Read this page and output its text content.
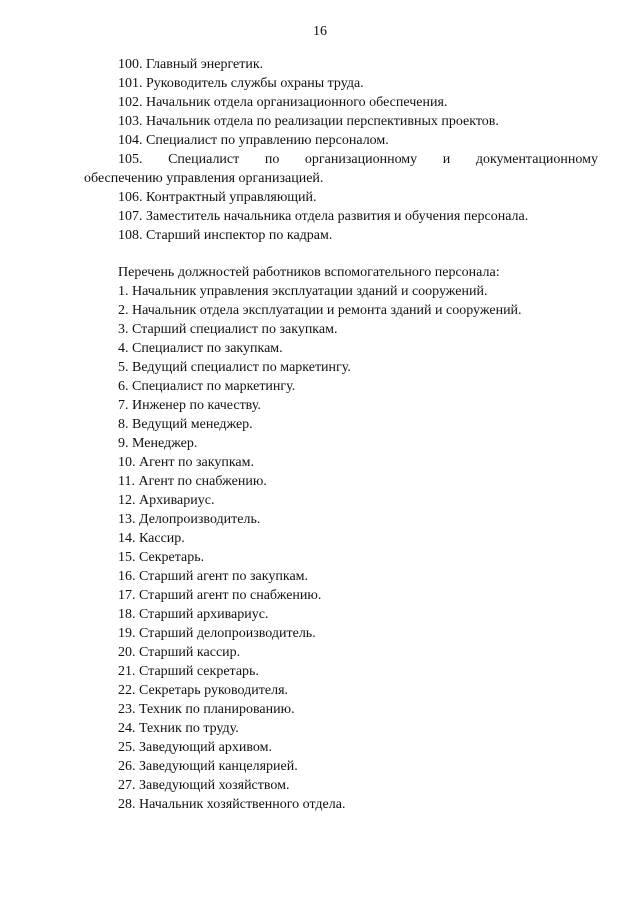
16
100. Главный энергетик.
101. Руководитель службы охраны труда.
102. Начальник отдела организационного обеспечения.
103. Начальник отдела по реализации перспективных проектов.
104. Специалист по управлению персоналом.
105. Специалист по организационному и документационному
обеспечению управления организацией.
106. Контрактный управляющий.
107. Заместитель начальника отдела развития и обучения персонала.
108. Старший инспектор по кадрам.
Перечень должностей работников вспомогательного персонала:
1. Начальник управления эксплуатации зданий и сооружений.
2. Начальник отдела эксплуатации и ремонта зданий и сооружений.
3. Старший специалист по закупкам.
4. Специалист по закупкам.
5. Ведущий специалист по маркетингу.
6. Специалист по маркетингу.
7. Инженер по качеству.
8. Ведущий менеджер.
9. Менеджер.
10. Агент по закупкам.
11. Агент по снабжению.
12. Архивариус.
13. Делопроизводитель.
14. Кассир.
15. Секретарь.
16. Старший агент по закупкам.
17. Старший агент по снабжению.
18. Старший архивариус.
19. Старший делопроизводитель.
20. Старший кассир.
21. Старший секретарь.
22. Секретарь руководителя.
23. Техник по планированию.
24. Техник по труду.
25. Заведующий архивом.
26. Заведующий канцелярией.
27. Заведующий хозяйством.
28. Начальник хозяйственного отдела.
